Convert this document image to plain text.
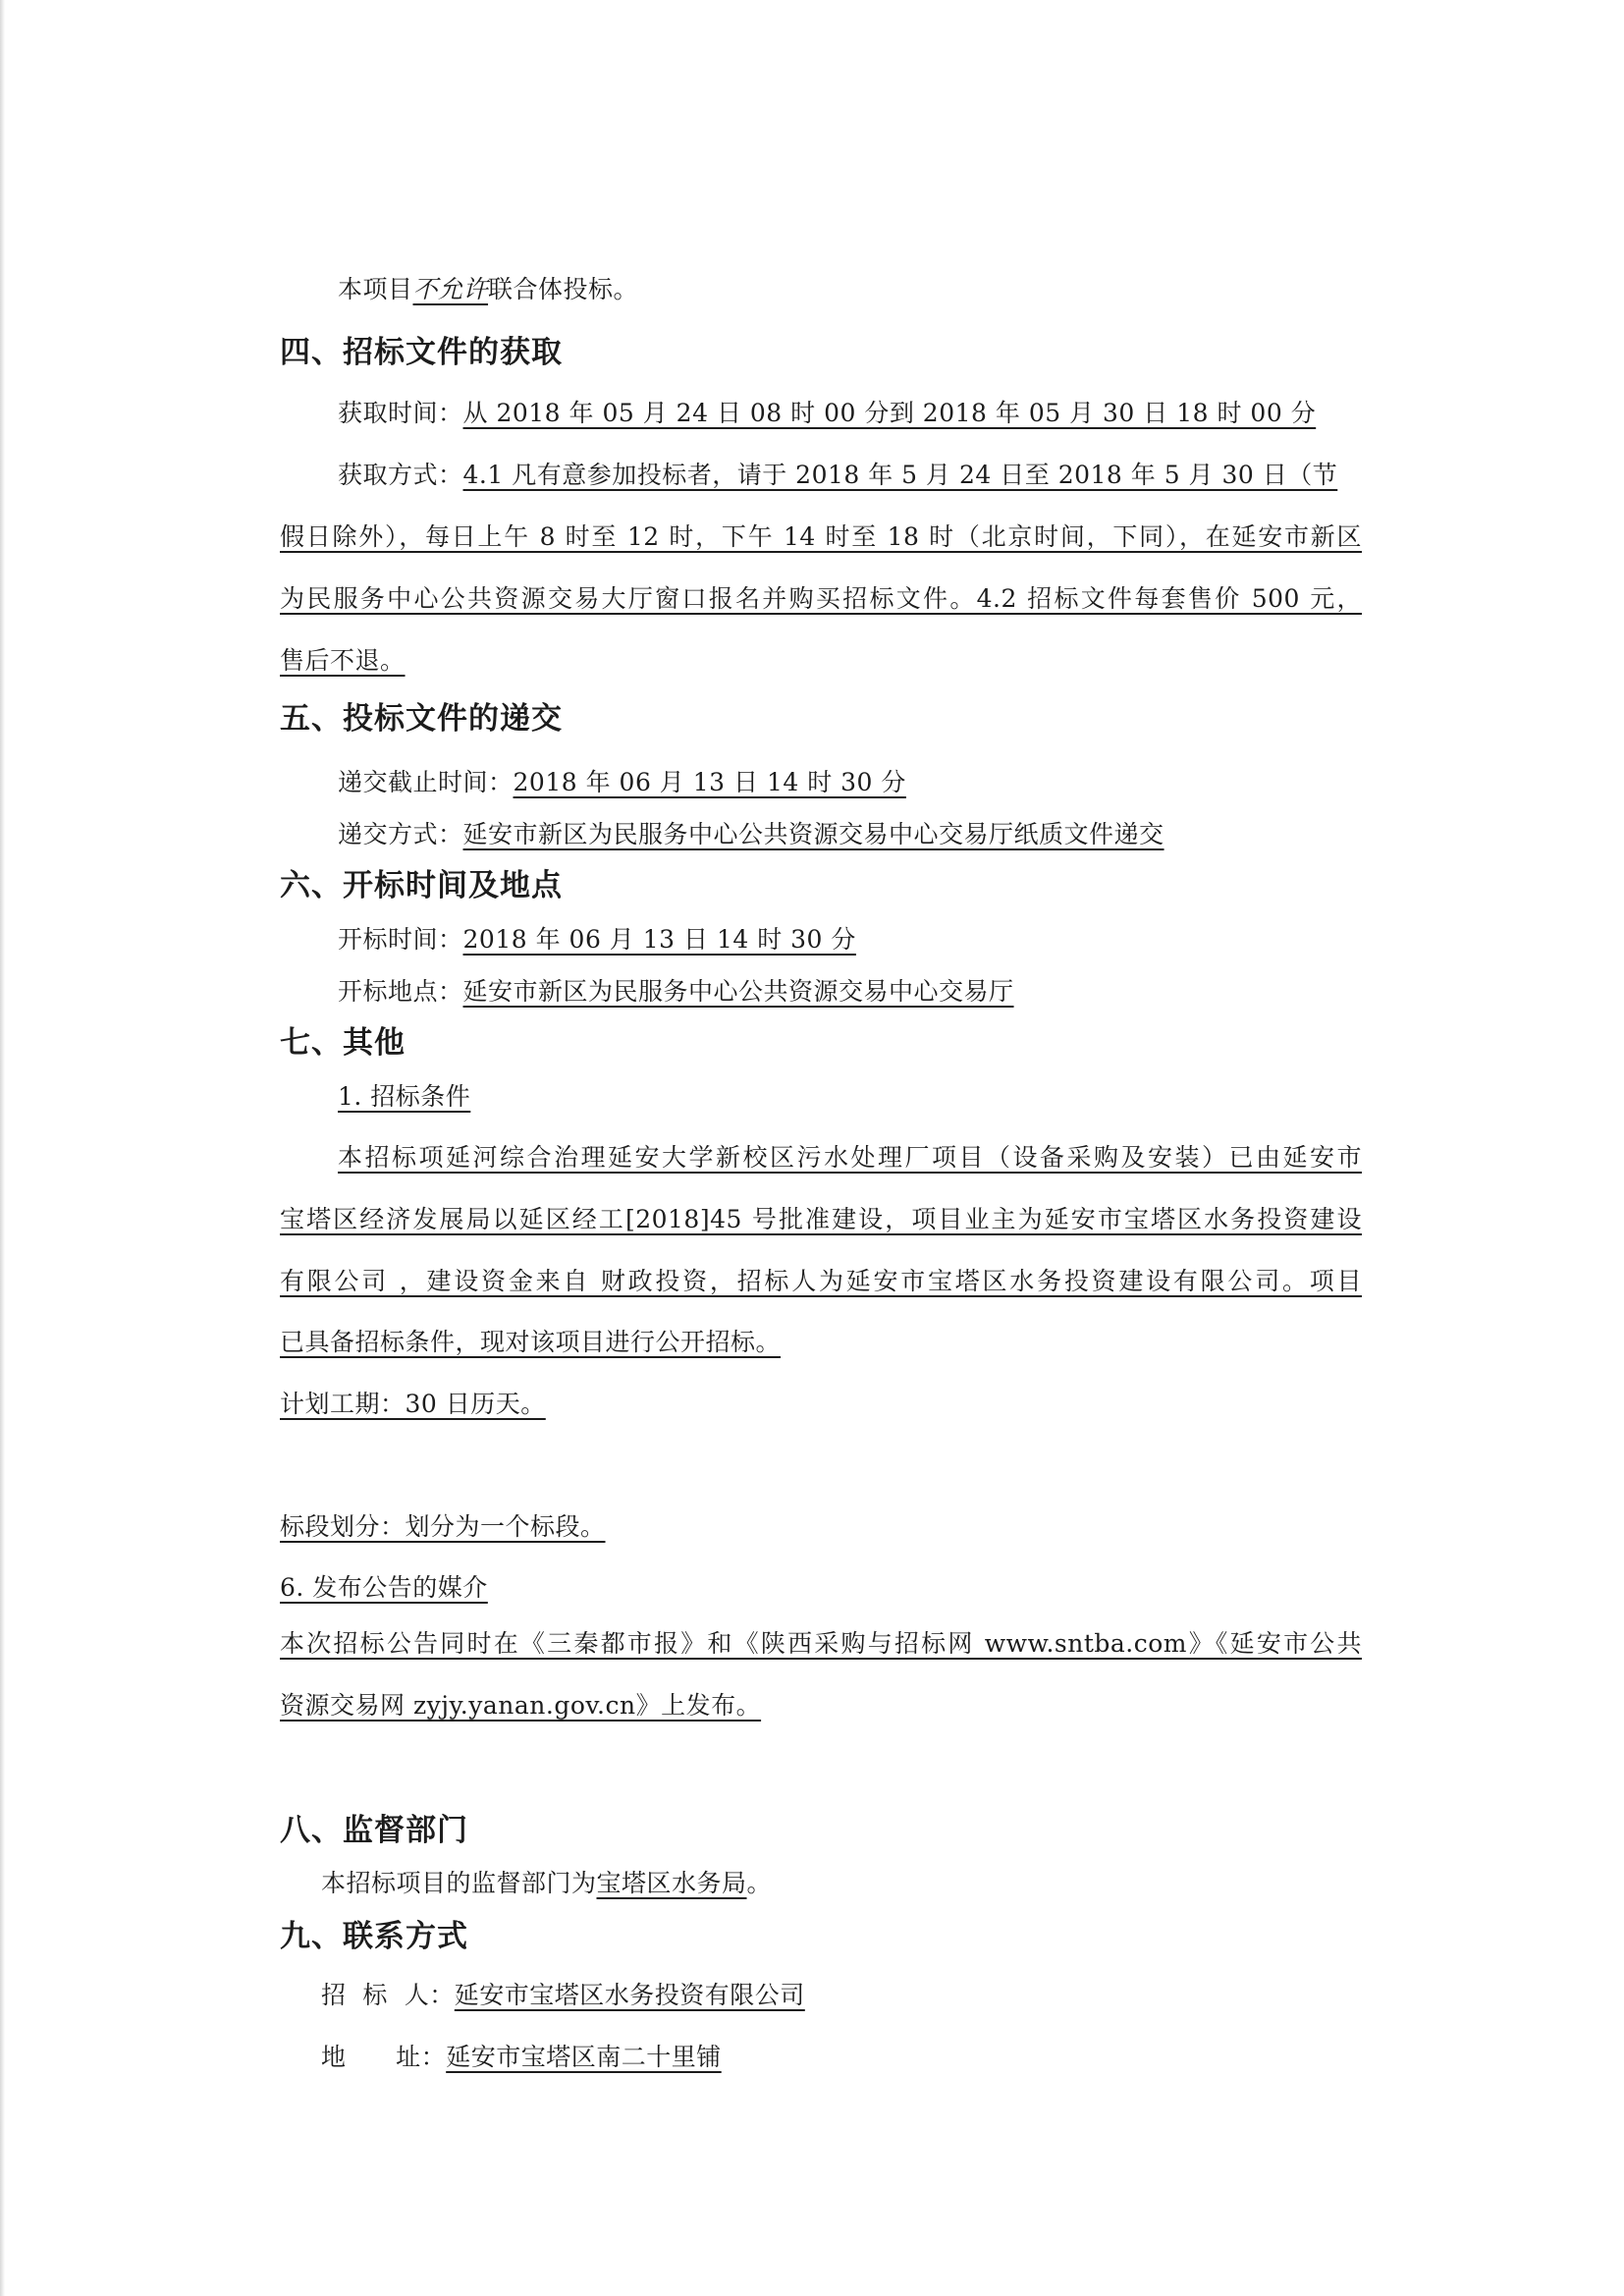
本项目不允许联合体投标。
四、招标文件的获取
获取时间：从 2018 年 05 月 24 日 08 时 00 分到 2018 年 05 月 30 日 18 时 00 分
获取方式：4.1 凡有意参加投标者，请于 2018 年 5 月 24 日至 2018 年 5 月 30 日（节
假日除外），每日上午 8 时至 12 时，下午 14 时至 18 时（北京时间，下同），在延安市新区
为民服务中心公共资源交易大厅窗口报名并购买招标文件。4.2 招标文件每套售价 500 元，
售后不退。
五、投标文件的递交
递交截止时间：2018 年 06 月 13 日 14 时 30 分
递交方式：延安市新区为民服务中心公共资源交易中心交易厅纸质文件递交
六、开标时间及地点
开标时间：2018 年 06 月 13 日 14 时 30 分
开标地点：延安市新区为民服务中心公共资源交易中心交易厅
七、其他
1. 招标条件
本招标项延河综合治理延安大学新校区污水处理厂项目（设备采购及安装）已由延安市
宝塔区经济发展局以延区经工[2018]45 号批准建设，项目业主为延安市宝塔区水务投资建设
有限公司 ，建设资金来自 财政投资，招标人为延安市宝塔区水务投资建设有限公司。项目
已具备招标条件，现对该项目进行公开招标。
计划工期：30 日历天。
标段划分：划分为一个标段。
6. 发布公告的媒介
本次招标公告同时在《三秦都市报》和《陕西采购与招标网 www.sntba.com》《延安市公共
资源交易网 zyjy.yanan.gov.cn》上发布。
八、监督部门
本招标项目的监督部门为宝塔区水务局。
九、联系方式
招  标  人：延安市宝塔区水务投资有限公司
地      址：延安市宝塔区南二十里铺
